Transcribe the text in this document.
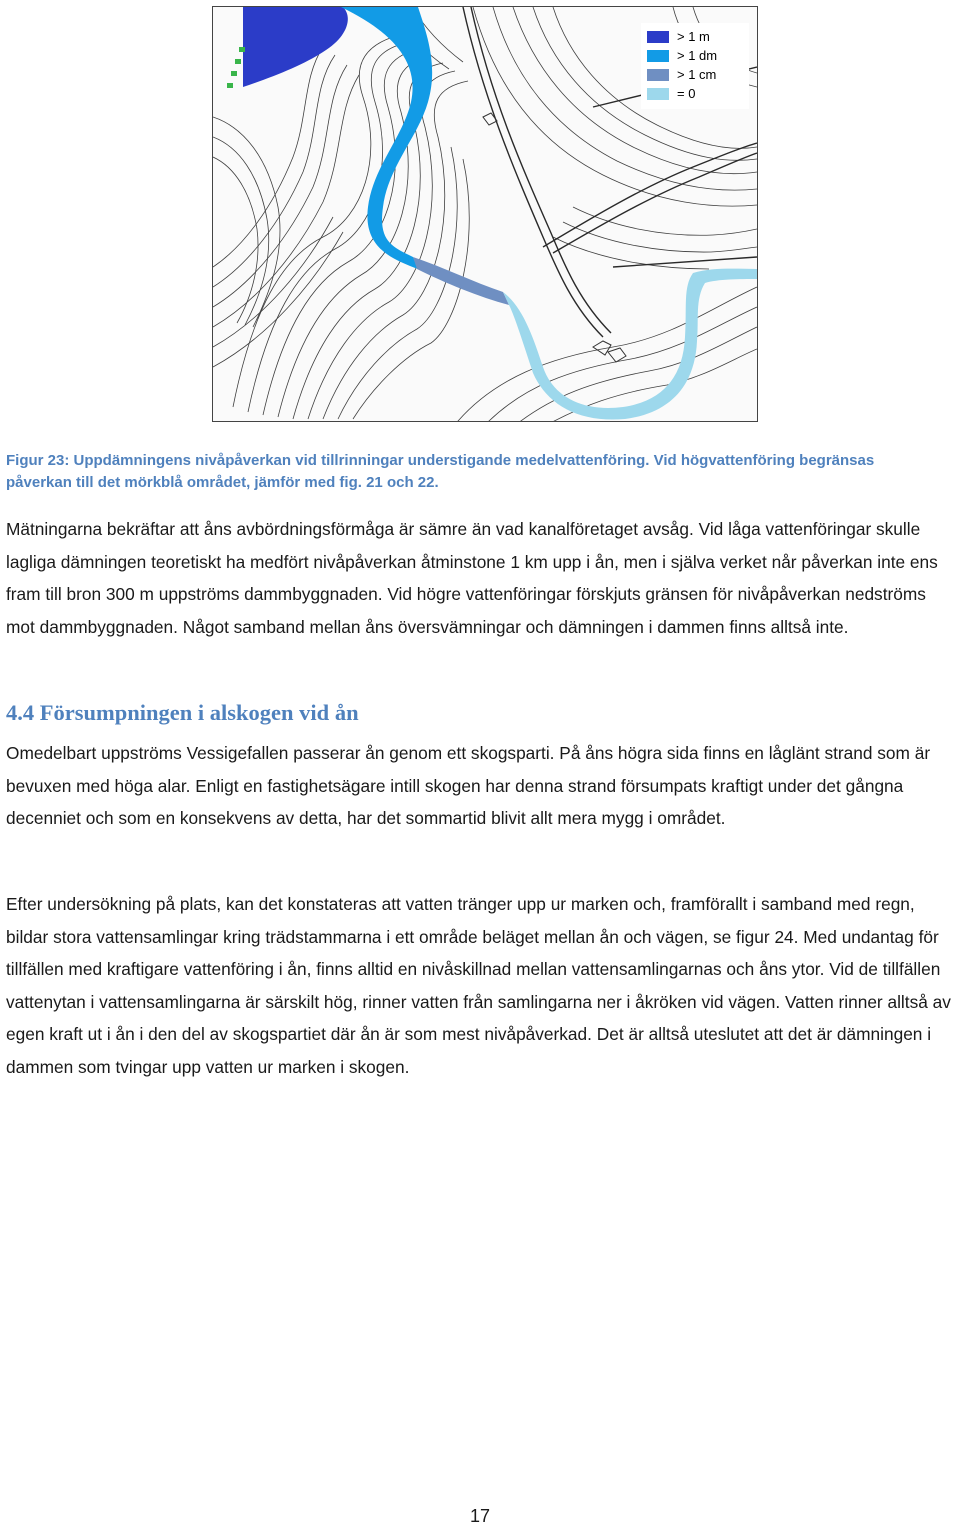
> 1 m
> 1 dm
> 1 cm
= 0
Figur 23: Uppdämningens nivåpåverkan vid tillrinningar understigande medelvattenföring. Vid högvattenföring begränsas påverkan till det mörkblå området, jämför med fig. 21 och 22.

Mätningarna bekräftar att åns avbördningsförmåga är sämre än vad kanalföretaget avsåg. Vid låga vattenföringar skulle lagliga dämningen teoretiskt ha medfört nivåpåverkan åtminstone 1 km upp i ån, men i själva verket når påverkan inte ens fram till bron 300 m uppströms dammbyggnaden. Vid högre vattenföringar förskjuts gränsen för nivåpåverkan nedströms mot dammbyggnaden. Något samband mellan åns översvämningar och dämningen i dammen finns alltså inte.

4.4 Försumpningen i alskogen vid ån

Omedelbart uppströms Vessigefallen passerar ån genom ett skogsparti. På åns högra sida finns en låglänt strand som är bevuxen med höga alar. Enligt en fastighetsägare intill skogen har denna strand försumpats kraftigt under det gångna decenniet och som en konsekvens av detta, har det sommartid blivit allt mera mygg i området.

Efter undersökning på plats, kan det konstateras att vatten tränger upp ur marken och, framförallt i samband med regn, bildar stora vattensamlingar kring trädstammarna i ett område beläget mellan ån och vägen, se figur 24. Med undantag för tillfällen med kraftigare vattenföring i ån, finns alltid en nivåskillnad mellan vattensamlingarnas och åns ytor. Vid de tillfällen vattenytan i vattensamlingarna är särskilt hög, rinner vatten från samlingarna ner i åkröken vid vägen. Vatten rinner alltså av egen kraft ut i ån i den del av skogspartiet där ån är som mest nivåpåverkad. Det är alltså uteslutet att det är dämningen i dammen som tvingar upp vatten ur marken i skogen.

17
